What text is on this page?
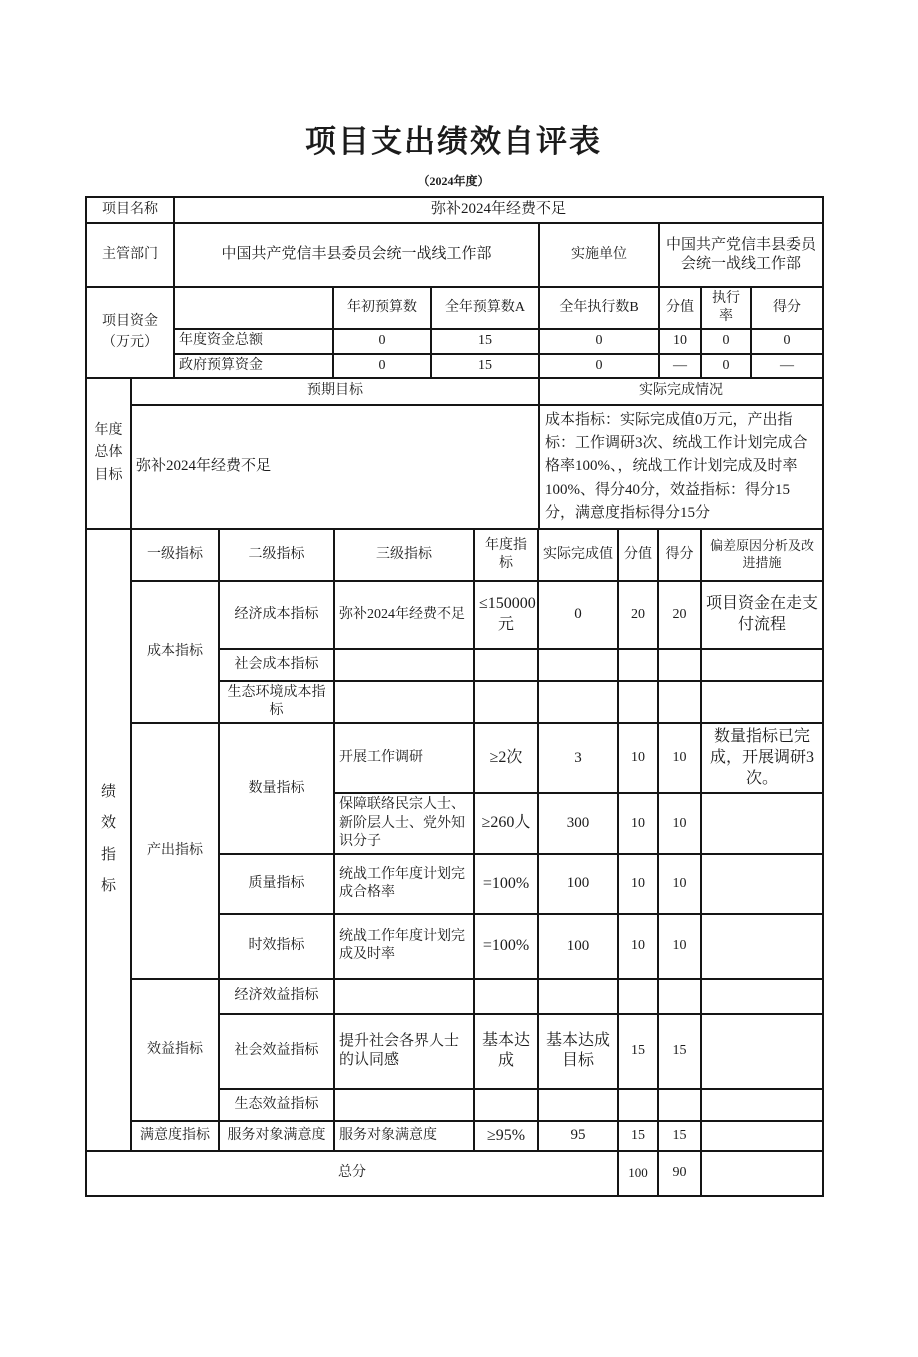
项目支出绩效自评表
（2024年度）
项目名称	弥补2024年经费不足						
主管部门	中国共产党信丰县委员会统一战线工作部			实施单位	中国共产党信丰县委员会统一战线工作部		
项目资金（万元）		年初预算数	全年预算数A	全年执行数B	分值	执行率	得分
	年度资金总额	0	15	0	10	0	0
	政府预算资金	0	15	0	—	0	—
年度总体目标	预期目标	实际完成情况
	弥补2024年经费不足	成本指标：实际完成值0万元，产出指标：工作调研3次、统战工作计划完成合格率100%、，统战工作计划完成及时率100%、得分40分，效益指标：得分15分，满意度指标得分15分
绩效指标	一级指标	二级指标	三级指标	年度指标	实际完成值	分值	得分	偏差原因分析及改进措施
	成本指标	经济成本指标	弥补2024年经费不足	≤150000元	0	20	20	项目资金在走支付流程
		社会成本指标						
		生态环境成本指标						
	产出指标	数量指标	开展工作调研	≥2次	3	10	10	数量指标已完成，开展调研3次。
			保障联络民宗人士、新阶层人士、党外知识分子	≥260人	300	10	10	
		质量指标	统战工作年度计划完成合格率	=100%	100	10	10	
		时效指标	统战工作年度计划完成及时率	=100%	100	10	10	
	效益指标	经济效益指标						
		社会效益指标	提升社会各界人士的认同感	基本达成	基本达成目标	15	15	
		生态效益指标						
	满意度指标	服务对象满意度	服务对象满意度	≥95%	95	15	15	
总分						100	90	
